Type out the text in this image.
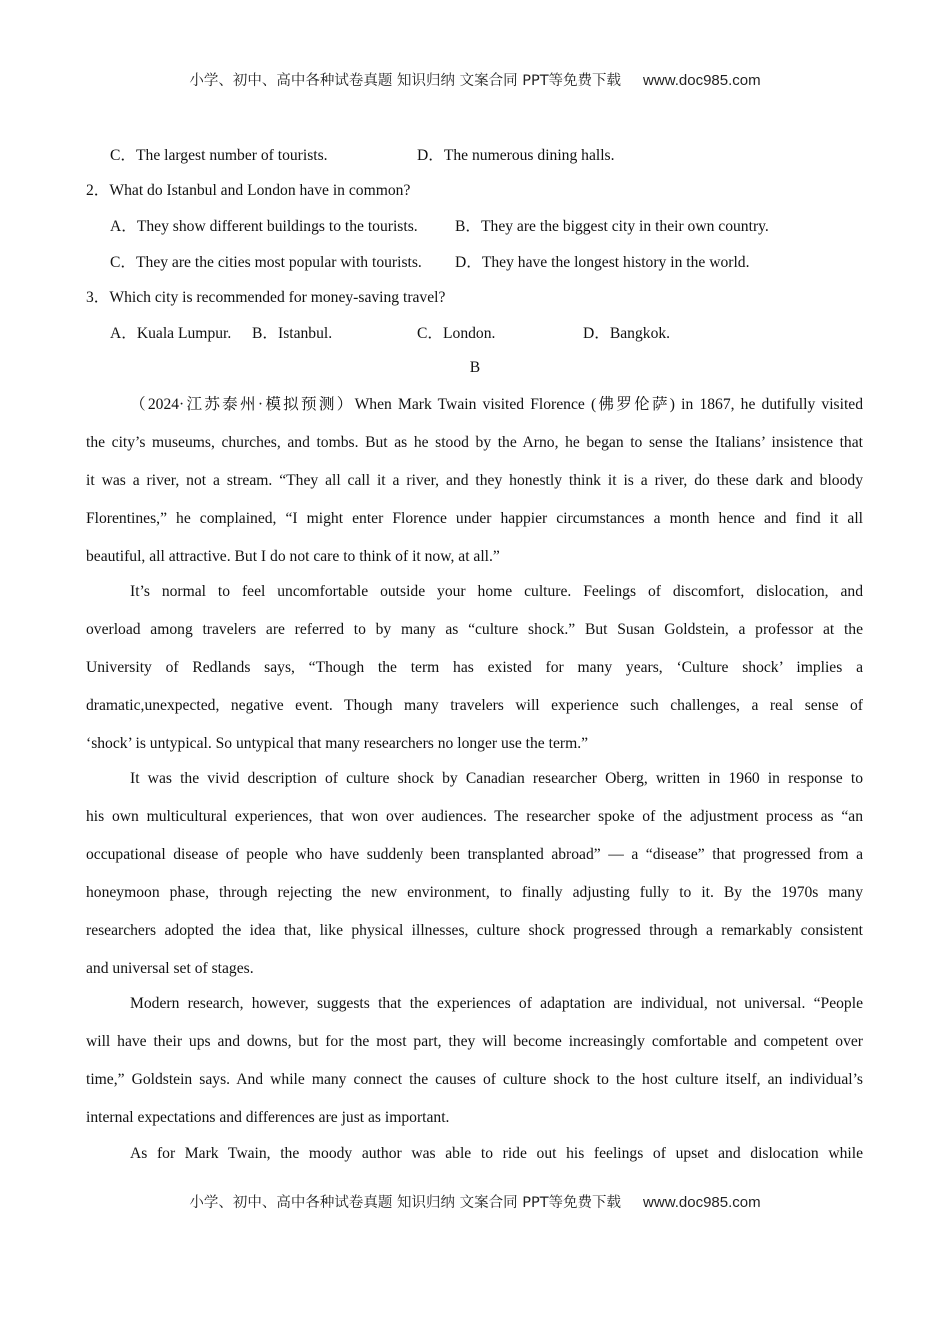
小学、初中、高中各种试卷真题 知识归纳 文案合同 PPT等免费下载 www.doc985.com
C．The largest number of tourists.	D．The numerous dining halls.
2．What do Istanbul and London have in common?
A．They show different buildings to the tourists. B．They are the biggest city in their own country.
C．They are the cities most popular with tourists. D．They have the longest history in the world.
3．Which city is recommended for money-saving travel?
A．Kuala Lumpur. B．Istanbul.	C．London.	D．Bangkok.
B
（2024·江苏泰州·模拟预测）When Mark Twain visited Florence (佛罗伦萨) in 1867, he dutifully visited
the city’s museums, churches, and tombs. But as he stood by the Arno, he began to sense the Italians’ insistence that
it was a river, not a stream. “They all call it a river, and they honestly think it is a river, do these dark and bloody
Florentines,” he complained, “I might enter Florence under happier circumstances a month hence and find it all
beautiful, all attractive. But I do not care to think of it now, at all.”
It’s normal to feel uncomfortable outside your home culture. Feelings of discomfort, dislocation, and
overload among travelers are referred to by many as “culture shock.” But Susan Goldstein, a professor at the
University of Redlands says, “Though the term has existed for many years, ‘Culture shock’ implies a
dramatic,unexpected, negative event. Though many travelers will experience such challenges, a real sense of
‘shock’ is untypical. So untypical that many researchers no longer use the term.”
It was the vivid description of culture shock by Canadian researcher Oberg, written in 1960 in response to
his own multicultural experiences, that won over audiences. The researcher spoke of the adjustment process as “an
occupational disease of people who have suddenly been transplanted abroad” — a “disease” that progressed from a
honeymoon phase, through rejecting the new environment, to finally adjusting fully to it. By the 1970s many
researchers adopted the idea that, like physical illnesses, culture shock progressed through a remarkably consistent
and universal set of stages.
Modern research, however, suggests that the experiences of adaptation are individual, not universal. “People
will have their ups and downs, but for the most part, they will become increasingly comfortable and competent over
time,” Goldstein says. And while many connect the causes of culture shock to the host culture itself, an individual’s
internal expectations and differences are just as important.
As for Mark Twain, the moody author was able to ride out his feelings of upset and dislocation while
小学、初中、高中各种试卷真题 知识归纳 文案合同 PPT等免费下载 www.doc985.com
